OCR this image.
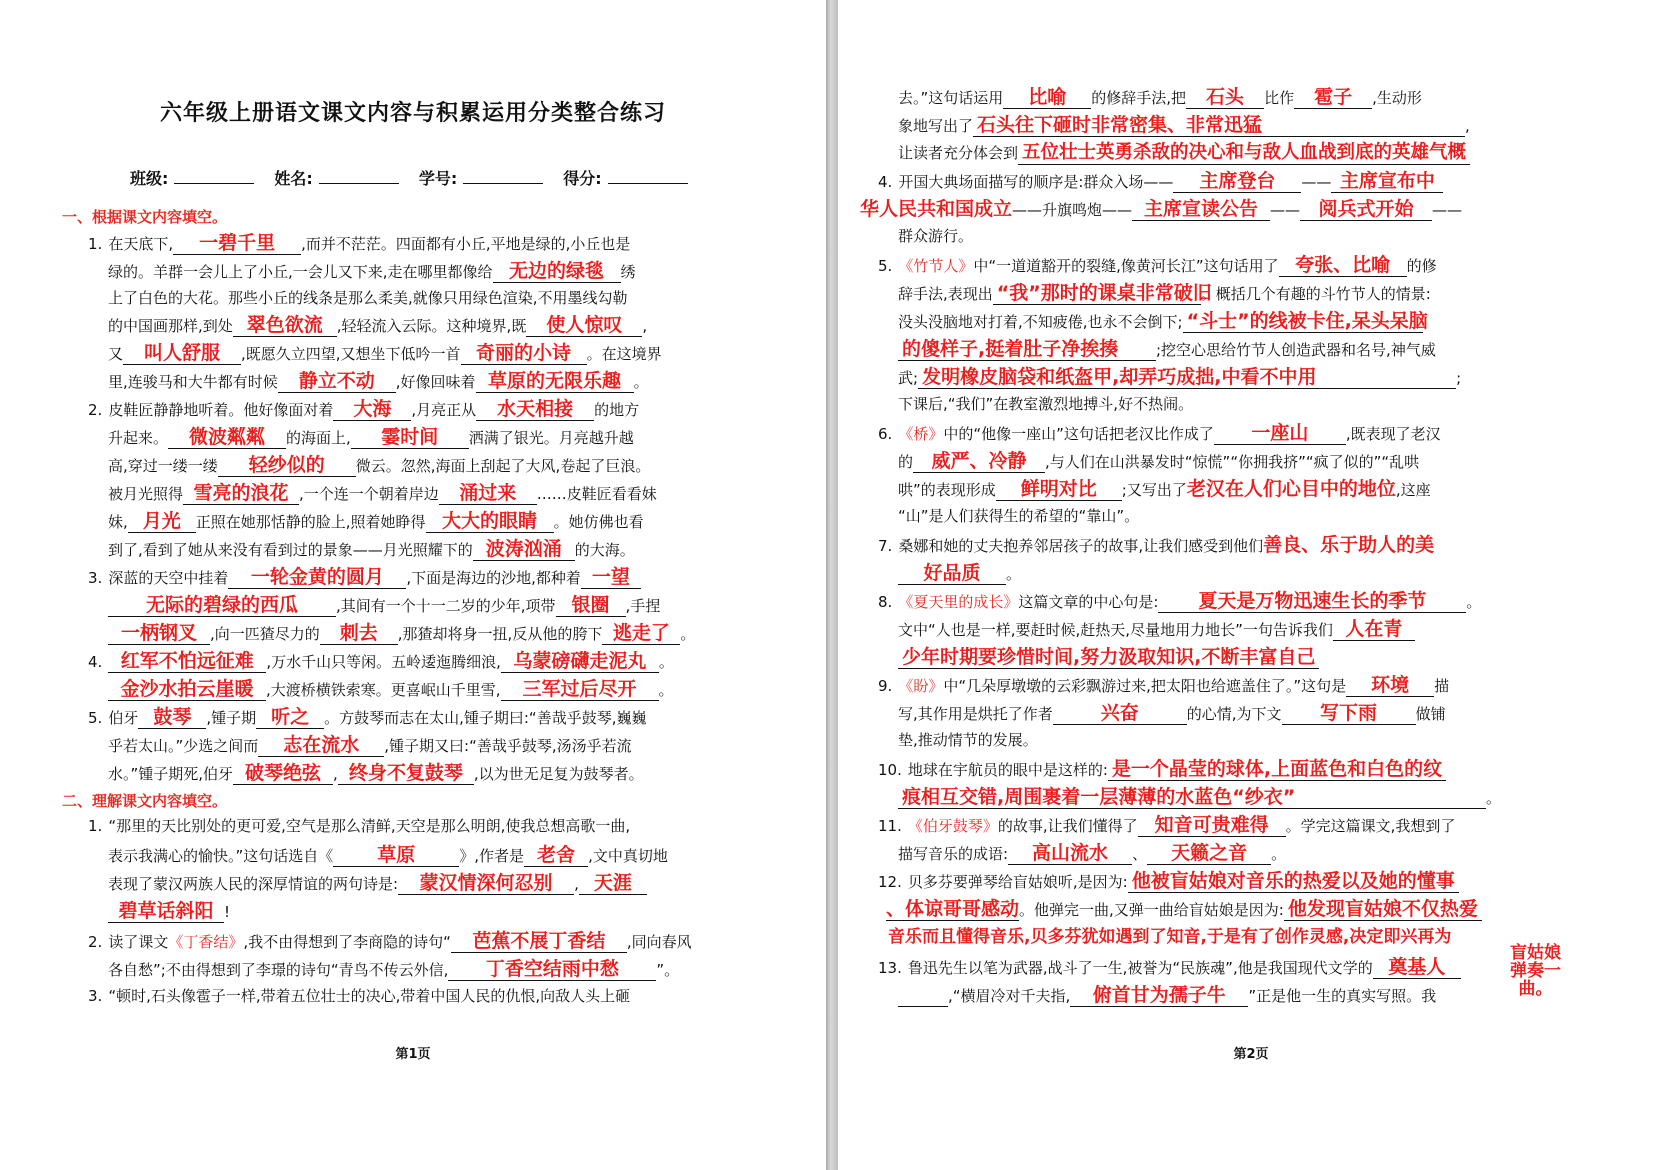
六年级上册语文课文内容与积累运用分类整合练习
班级:	姓名:	学号:	得分:
一、根据课文内容填空。
1. 在天底下, 一碧千里 ,而并不茫茫。四面都有小丘,平地是绿的,小丘也是
绿的。羊群一会儿上了小丘,一会儿又下来,走在哪里都像给 无边的绿毯 绣
上了白色的大花。那些小丘的线条是那么柔美,就像只用绿色渲染,不用墨线勾勒
的中国画那样,到处 翠色欲流 ,轻轻流入云际。这种境界,既 使人惊叹 ,
又 叫人舒服 ,既愿久立四望,又想坐下低吟一首 奇丽的小诗 。在这境界
里,连骏马和大牛都有时候 静立不动 ,好像回味着 草原的无限乐趣 。
2. 皮鞋匠静静地听着。他好像面对着 大海 ,月亮正从 水天相接 的地方
升起来。 微波粼粼 的海面上, 霎时间 洒满了银光。月亮越升越
高,穿过一缕一缕 轻纱似的 微云。忽然,海面上刮起了大风,卷起了巨浪。
被月光照得 雪亮的浪花 ,一个连一个朝着岸边 涌过来 ……皮鞋匠看看妹
妹, 月光 正照在她那恬静的脸上,照着她睁得 大大的眼睛 。她仿佛也看
到了,看到了她从来没有看到过的景象——月光照耀下的 波涛汹涌 的大海。
3. 深蓝的天空中挂着 一轮金黄的圆月 ,下面是海边的沙地,都种着 一望
无际的碧绿的西瓜	,其间有一个十一二岁的少年,项带 银圈 ,手捏
一柄钢叉 ,向一匹猹尽力的 刺去 ,那猹却将身一扭,反从他的胯下 逃走了 。
4. 红军不怕远征难 ,万水千山只等闲。五岭逶迤腾细浪, 乌蒙磅礴走泥丸 。
金沙水拍云崖暖 ,大渡桥横铁索寒。更喜岷山千里雪, 三军过后尽开 。
5. 伯牙 鼓琴 ,锺子期 听之 。方鼓琴而志在太山,锺子期曰:“善哉乎鼓琴,巍巍
乎若太山。”少选之间而 志在流水 ,锺子期又曰:“善哉乎鼓琴,汤汤乎若流
水。”锺子期死,伯牙 破琴绝弦 , 终身不复鼓琴 ,以为世无足复为鼓琴者。
二、理解课文内容填空。
1. “那里的天比别处的更可爱,空气是那么清鲜,天空是那么明朗,使我总想高歌一曲,
表示我满心的愉快。”这句话选自《 草原	》,作者是 老舍 ,文中真切地
表现了蒙汉两族人民的深厚情谊的两句诗是: 蒙汉情深何忍别 , 天涯
碧草话斜阳 !
2. 读了课文《丁香结》,我不由得想到了李商隐的诗句“ 芭蕉不展丁香结 ,同向春风
各自愁”;不由得想到了李璟的诗句“青鸟不传云外信, 丁香空结雨中愁	”。
3. “顿时,石头像雹子一样,带着五位壮士的决心,带着中国人民的仇恨,向敌人头上砸
第1页
去。”这句话运用 比喻 的修辞手法,把 石头 比作 雹子 ,生动形
象地写出了 石头往下砸时非常密集、非常迅猛	,
让读者充分体会到 五位壮士英勇杀敌的决心和与敌人血战到底的英雄气概
4. 开国大典场面描写的顺序是:群众入场—— 主席登台 —— 主席宣布中
华人民共和国成立——升旗鸣炮—— 主席宣读公告 —— 阅兵式开始 ——
群众游行。
5. 《竹节人》中“一道道豁开的裂缝,像黄河长江”这句话用了 夸张、比喻 的修
辞手法,表现出 “我”那时的课桌非常破旧。概括几个有趣的斗竹节人的情景:
没头没脑地对打着,不知疲倦,也永不会倒下; “斗士”的线被卡住,呆头呆脑
的傻样子,挺着肚子净挨揍	;挖空心思给竹节人创造武器和名号,神气威
武; 发明橡皮脑袋和纸盔甲,却弄巧成拙,中看不中用	;
下课后,“我们”在教室激烈地搏斗,好不热闹。
6. 《桥》中的“他像一座山”这句话把老汉比作成了 一座山	,既表现了老汉
的 威严、冷静 ,与人们在山洪暴发时“惊慌”“你拥我挤”“疯了似的”“乱哄
哄”的表现形成 鲜明对比 ;又写出了老汉在人们心目中的地位,这座
“山”是人们获得生的希望的“靠山”。
7. 桑娜和她的丈夫抱养邻居孩子的故事,让我们感受到他们善良、乐于助人的美
好品质 。
8. 《夏天里的成长》这篇文章的中心句是: 夏天是万物迅速生长的季节	。
文中“人也是一样,要赶时候,赶热天,尽量地用力地长”一句告诉我们 人在青
少年时期要珍惜时间,努力汲取知识,不断丰富自己
9. 《盼》中“几朵厚墩墩的云彩飘游过来,把太阳也给遮盖住了。”这句是 环境 描
写,其作用是烘托了作者	兴奋	的心情,为下文 写下雨	做铺
垫,推动情节的发展。
10. 地球在宇航员的眼中是这样的: 是一个晶莹的球体,上面蓝色和白色的纹
痕相互交错,周围裹着一层薄薄的水蓝色“纱衣”	。
11. 《伯牙鼓琴》的故事,让我们懂得了 知音可贵难得 。学完这篇课文,我想到了
描写音乐的成语: 高山流水 、 天籁之音 。
12. 贝多芬要弹琴给盲姑娘听,是因为: 他被盲姑娘对音乐的热爱以及她的懂事
、体谅哥哥感动。他弹完一曲,又弹一曲给盲姑娘是因为: 他发现盲姑娘不仅热爱
音乐而且懂得音乐,贝多芬犹如遇到了知音,于是有了创作灵感,决定即兴再为
盲姑娘
弹奏一
曲。
13. 鲁迅先生以笔为武器,战斗了一生,被誉为“民族魂”,他是我国现代文学的 奠基人
,“横眉冷对千夫指, 俯首甘为孺子牛 ”正是他一生的真实写照。我
第2页
